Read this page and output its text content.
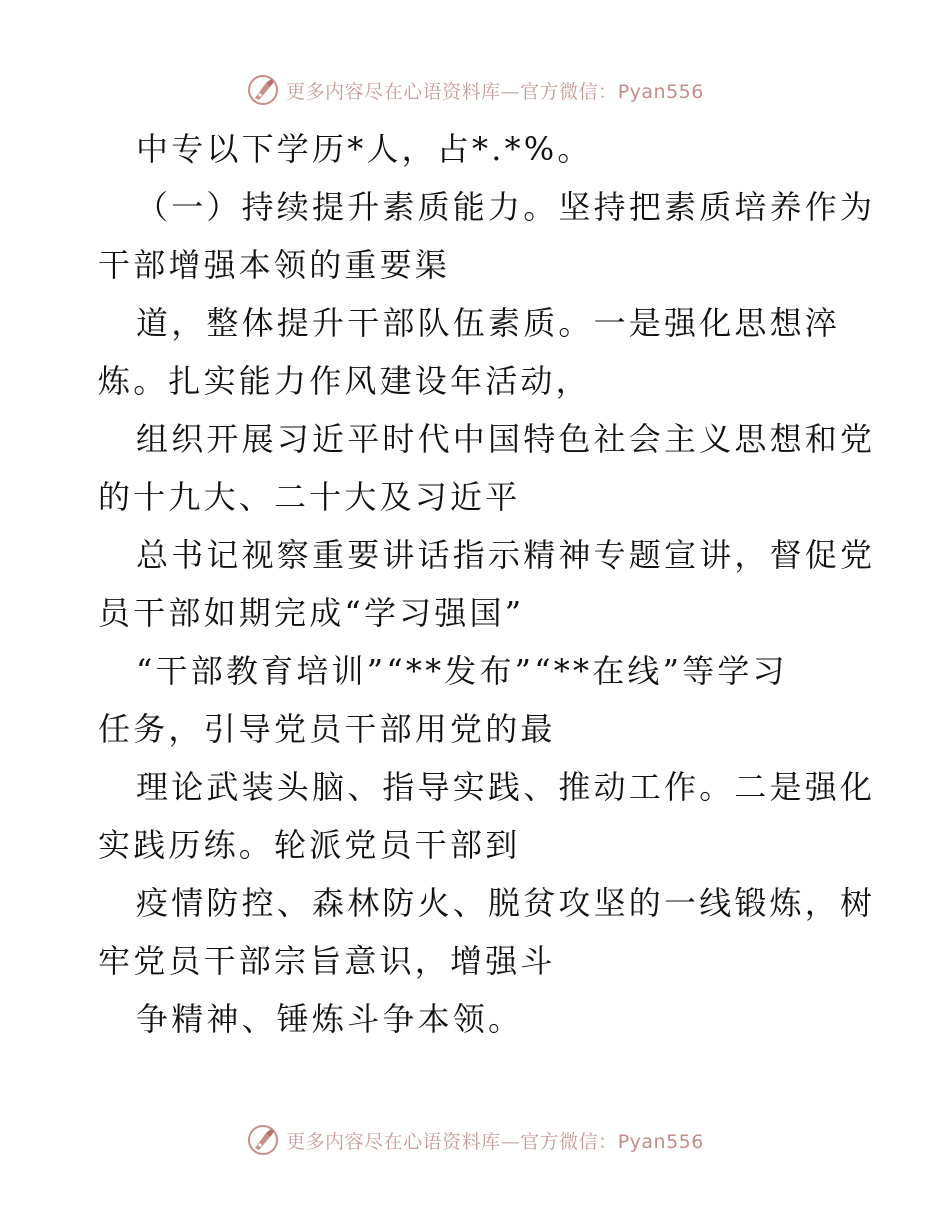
更多内容尽在心语资料库—官方微信：Pyan556
中专以下学历*人，占*.*%。
（一）持续提升素质能力。坚持把素质培养作为
干部增强本领的重要渠
道，整体提升干部队伍素质。一是强化思想淬
炼。扎实能力作风建设年活动，
组织开展习近平时代中国特色社会主义思想和党
的十九大、二十大及习近平
总书记视察重要讲话指示精神专题宣讲，督促党
员干部如期完成“学习强国”
“干部教育培训”“**发布”“**在线”等学习
任务，引导党员干部用党的最
理论武装头脑、指导实践、推动工作。二是强化
实践历练。轮派党员干部到
疫情防控、森林防火、脱贫攻坚的一线锻炼，树
牢党员干部宗旨意识，增强斗
争精神、锤炼斗争本领。
更多内容尽在心语资料库—官方微信：Pyan556
